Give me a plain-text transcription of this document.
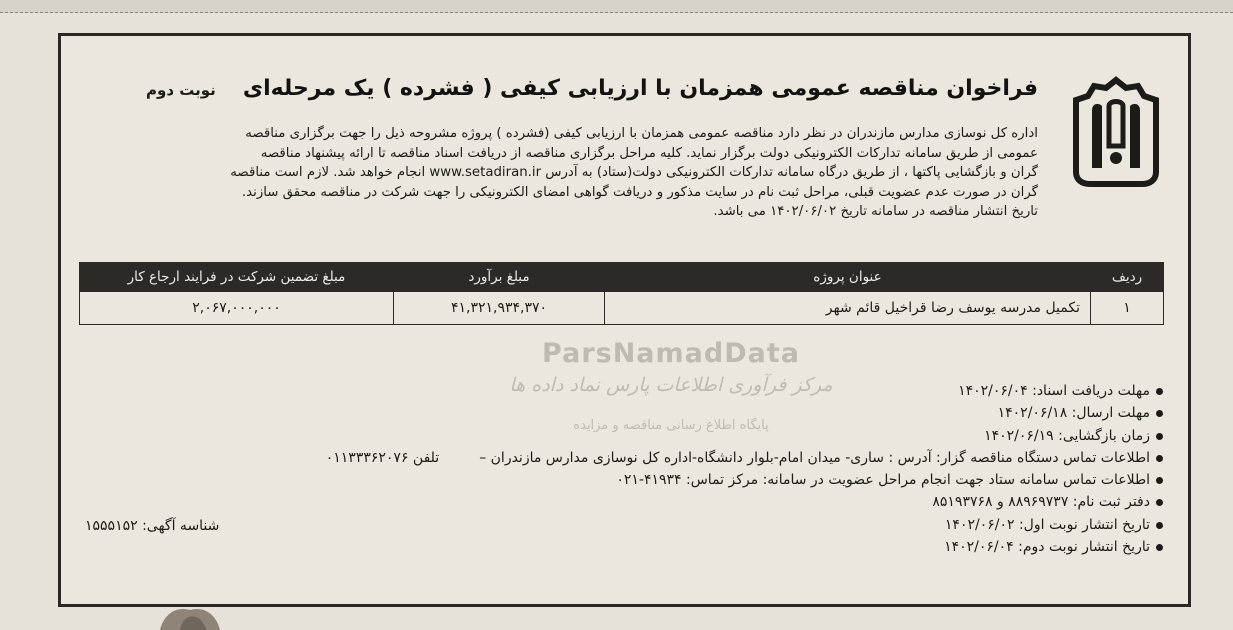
فراخوان مناقصه عمومی همزمان با ارزیابی کیفی ( فشرده ) یک مرحله‌ای نوبت دوم

اداره کل نوسازی مدارس مازندران در نظر دارد مناقصه عمومی همزمان با ارزیابی کیفی (فشرده ) پروژه مشروحه ذیل را جهت برگزاری مناقصه

عمومی از طریق سامانه تدارکات الکترونیکی دولت برگزار نماید. کلیه مراحل برگزاری مناقصه از دریافت اسناد مناقصه تا ارائه پیشنهاد مناقصه

گران و بازگشایی پاکتها ، از طریق درگاه سامانه تدارکات الکترونیکی دولت(ستاد) به آدرس www.setadiran.ir انجام خواهد شد. لازم است مناقصه

گران در صورت عدم عضویت قبلی، مراحل ثبت نام در سایت مذکور و دریافت گواهی امضای الکترونیکی را جهت شرکت در مناقصه محقق سازند.

تاریخ انتشار مناقصه در سامانه تاریخ ۱۴۰۲/۰۶/۰۲ می باشد.

ردیف	عنوان پروژه	مبلغ برآورد	مبلغ تضمین شرکت در فرایند ارجاع کار
۱	تکمیل مدرسه یوسف رضا قراخیل قائم شهر	۴۱,۳۲۱,۹۳۴,۳۷۰	۲,۰۶۷,۰۰۰,۰۰۰
ParsNamadData
مرکز فرآوری اطلاعات پارس نماد داده ها
پایگاه اطلاع رسانی مناقصه و مزایده
مهلت دریافت اسناد: ۱۴۰۲/۰۶/۰۴
مهلت ارسال: ۱۴۰۲/۰۶/۱۸
زمان بازگشایی: ۱۴۰۲/۰۶/۱۹
اطلاعات تماس دستگاه مناقصه گزار: آدرس : ساری- میدان امام-بلوار دانشگاه-اداره کل نوسازی مدارس مازندران –تلفن ۰۱۱۳۳۳۶۲۰۷۶
اطلاعات تماس سامانه ستاد جهت انجام مراحل عضویت در سامانه: مرکز تماس: ۴۱۹۳۴-۰۲۱
دفتر ثبت نام: ۸۸۹۶۹۷۳۷ و ۸۵۱۹۳۷۶۸
تاریخ انتشار نوبت اول: ۱۴۰۲/۰۶/۰۲
تاریخ انتشار نوبت دوم: ۱۴۰۲/۰۶/۰۴
شناسه آگهی: ۱۵۵۵۱۵۲
